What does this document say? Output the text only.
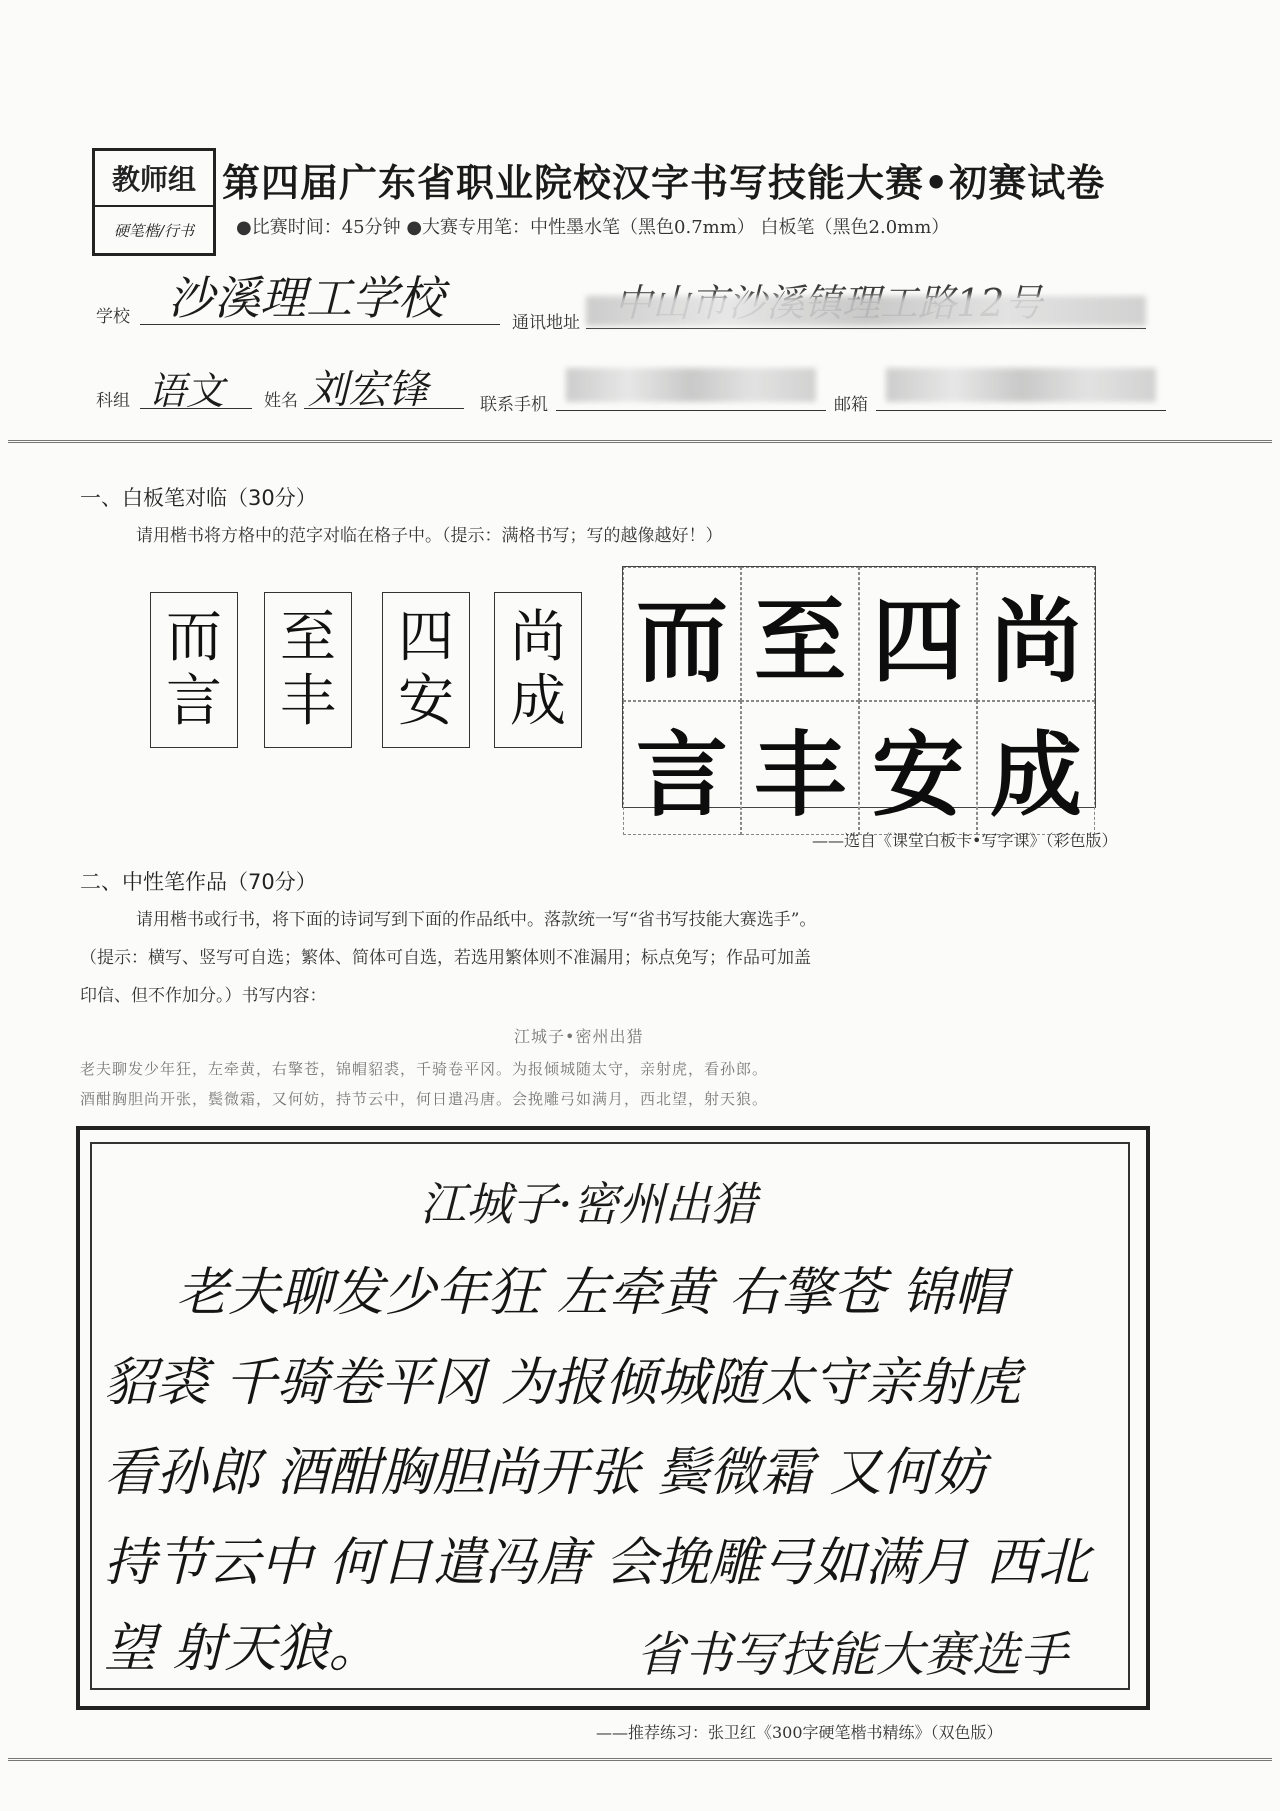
教师组
硬笔楷/行书
第四届广东省职业院校汉字书写技能大赛•初赛试卷
●比赛时间：45分钟 ●大赛专用笔：中性墨水笔（黑色0.7mm） 白板笔（黑色2.0mm）
学校 沙溪理工学校	通讯地址
科组 语文 姓名 刘宏锋	联系手机	邮箱
一、白板笔对临（30分）
请用楷书将方格中的范字对临在格子中。（提示：满格书写；写的越像越好！）
而
言
至
丰
四
安
尚
成
而 至 四 尚
言 丰 安 成
——选自《课堂白板卡•写字课》（彩色版）
二、中性笔作品（70分）
请用楷书或行书，将下面的诗词写到下面的作品纸中。落款统一写“省书写技能大赛选手”。
（提示：横写、竖写可自选；繁体、简体可自选，若选用繁体则不准漏用；标点免写；作品可加盖
印信、但不作加分。）书写内容：
江城子•密州出猎
老夫聊发少年狂，左牵黄，右擎苍，锦帽貂裘，千骑卷平冈。为报倾城随太守，亲射虎，看孙郎。
酒酣胸胆尚开张，鬓微霜，又何妨，持节云中，何日遣冯唐。会挽雕弓如满月，西北望，射天狼。
江城子·密州出猎
老夫聊发少年狂 左牵黄 右擎苍 锦帽
貂裘 千骑卷平冈 为报倾城随太守亲射虎
看孙郎 酒酣胸胆尚开张 鬓微霜 又何妨
持节云中 何日遣冯唐 会挽雕弓如满月 西北
望 射天狼。	省书写技能大赛选手
——推荐练习：张卫红《300字硬笔楷书精练》（双色版）
